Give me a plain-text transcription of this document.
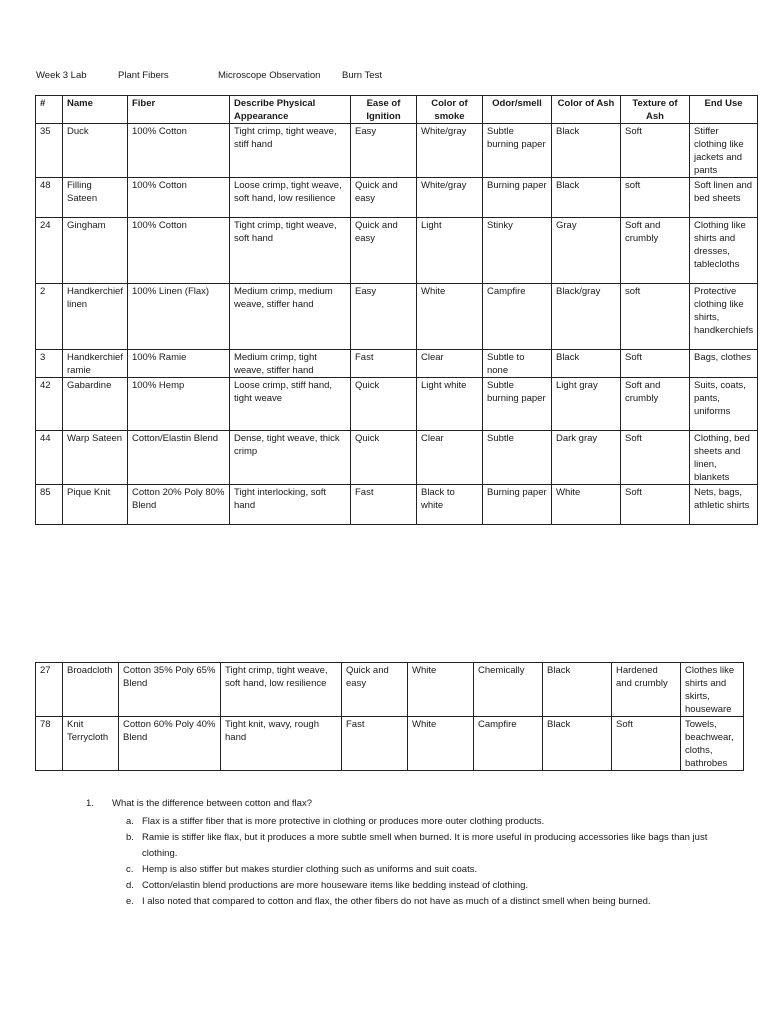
Week 3 Lab	Plant Fibers	Microscope Observation Burn Test
#	Name	Fiber	Describe Physical Appearance	Ease of Ignition	Color of smoke	Odor/smell	Color of Ash	Texture of Ash	End Use
35	Duck	100% Cotton	Tight crimp, tight weave, stiff hand	Easy	White/gray	Subtle burning paper	Black	Soft	Stiffer clothing like jackets and pants
48	Filling Sateen	100% Cotton	Loose crimp, tight weave, soft hand, low resilience	Quick and easy	White/gray	Burning paper	Black	soft	Soft linen and bed sheets
24	Gingham	100% Cotton	Tight crimp, tight weave, soft hand	Quick and easy	Light	Stinky	Gray	Soft and crumbly	Clothing like shirts and dresses, tablecloths
2	Handkerchief linen	100% Linen (Flax)	Medium crimp, medium weave, stiffer hand	Easy	White	Campfire	Black/gray	soft	Protective clothing like shirts, handkerchiefs
3	Handkerchief ramie	100% Ramie	Medium crimp, tight weave, stiffer hand	Fast	Clear	Subtle to none	Black	Soft	Bags, clothes
42	Gabardine	100% Hemp	Loose crimp, stiff hand, tight weave	Quick	Light white	Subtle burning paper	Light gray	Soft and crumbly	Suits, coats, pants, uniforms
44	Warp Sateen	Cotton/Elastin Blend	Dense, tight weave, thick crimp	Quick	Clear	Subtle	Dark gray	Soft	Clothing, bed sheets and linen, blankets
85	Pique Knit	Cotton 20% Poly 80% Blend	Tight interlocking, soft hand	Fast	Black to white	Burning paper	White	Soft	Nets, bags, athletic shirts
27	Broadcloth	Cotton 35% Poly 65% Blend	Tight crimp, tight weave, soft hand, low resilience	Quick and easy	White	Chemically	Black	Hardened and crumbly	Clothes like shirts and skirts, houseware
78	Knit Terrycloth	Cotton 60% Poly 40% Blend	Tight knit, wavy, rough hand	Fast	White	Campfire	Black	Soft	Towels, beachwear, cloths, bathrobes
1. What is the difference between cotton and flax?
a. Flax is a stiffer fiber that is more protective in clothing or produces more outer clothing products.
b. Ramie is stiffer like flax, but it produces a more subtle smell when burned. It is more useful in producing accessories like bags than just clothing.
c. Hemp is also stiffer but makes sturdier clothing such as uniforms and suit coats.
d. Cotton/elastin blend productions are more houseware items like bedding instead of clothing.
e. I also noted that compared to cotton and flax, the other fibers do not have as much of a distinct smell when being burned.
